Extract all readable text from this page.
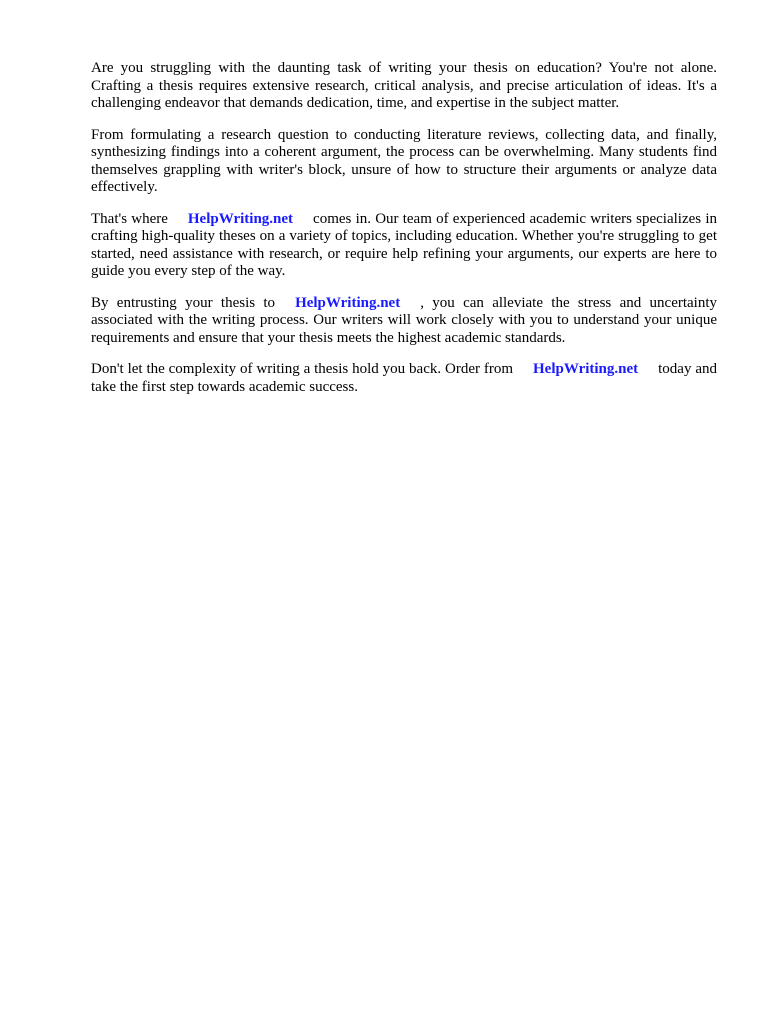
Are you struggling with the daunting task of writing your thesis on education? You're not alone. Crafting a thesis requires extensive research, critical analysis, and precise articulation of ideas. It's a challenging endeavor that demands dedication, time, and expertise in the subject matter.

From formulating a research question to conducting literature reviews, collecting data, and finally, synthesizing findings into a coherent argument, the process can be overwhelming. Many students find themselves grappling with writer's block, unsure of how to structure their arguments or analyze data effectively.

That's where HelpWriting.net comes in. Our team of experienced academic writers specializes in crafting high-quality theses on a variety of topics, including education. Whether you're struggling to get started, need assistance with research, or require help refining your arguments, our experts are here to guide you every step of the way.

By entrusting your thesis to HelpWriting.net , you can alleviate the stress and uncertainty associated with the writing process. Our writers will work closely with you to understand your unique requirements and ensure that your thesis meets the highest academic standards.

Don't let the complexity of writing a thesis hold you back. Order from HelpWriting.net today and take the first step towards academic success.
